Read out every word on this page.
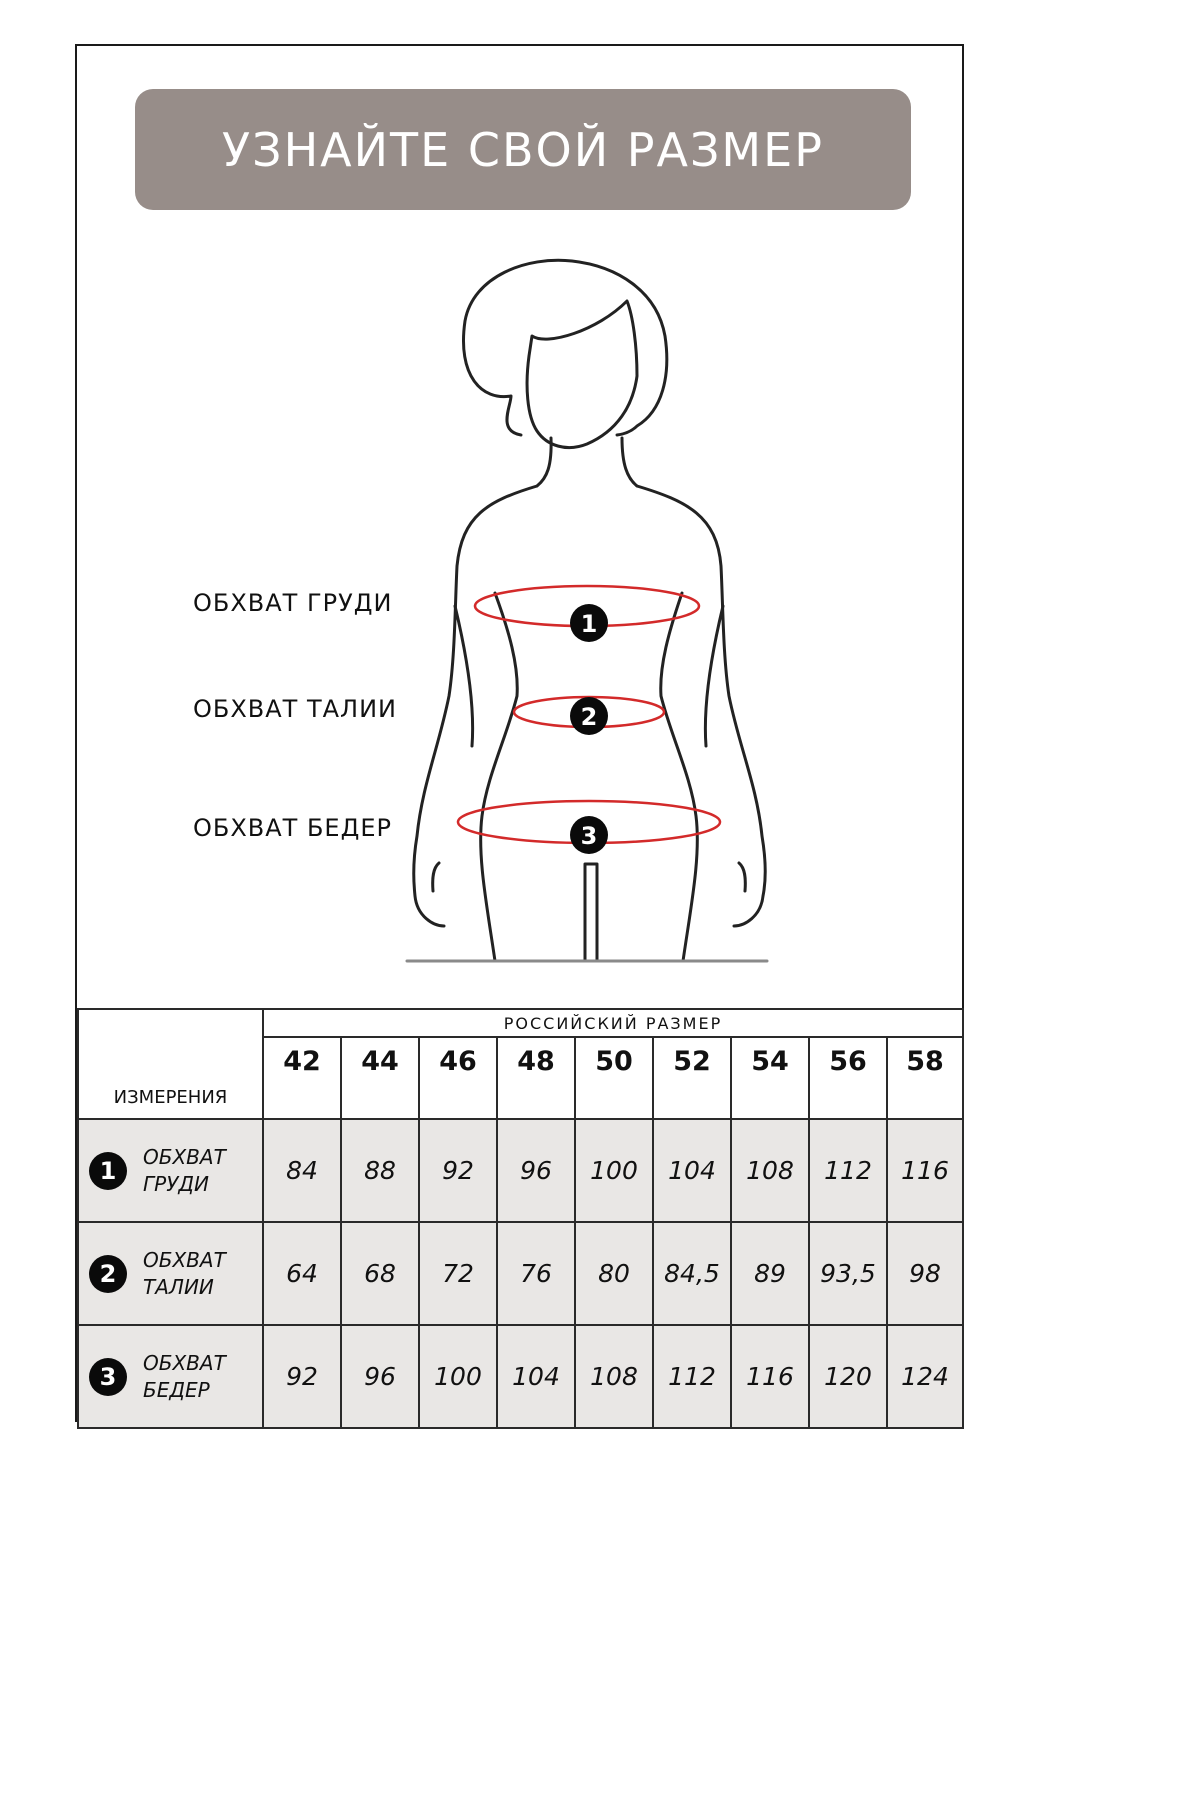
УЗНАЙТЕ СВОЙ РАЗМЕР
1
2
3
ОБХВАТ ГРУДИ
ОБХВАТ ТАЛИИ
ОБХВАТ БЕДЕР
ИЗМЕРЕНИЯ	РОССИЙСКИЙ РАЗМЕР								
	42	44	46	48	50	52	54	56	58

1 ОБХВАТ
ГРУДИ	84	88	92	96	100	104	108	112	116

2 ОБХВАТ
ТАЛИИ	64	68	72	76	80	84,5	89	93,5	98

3 ОБХВАТ
БЕДЕР	92	96	100	104	108	112	116	120	124
